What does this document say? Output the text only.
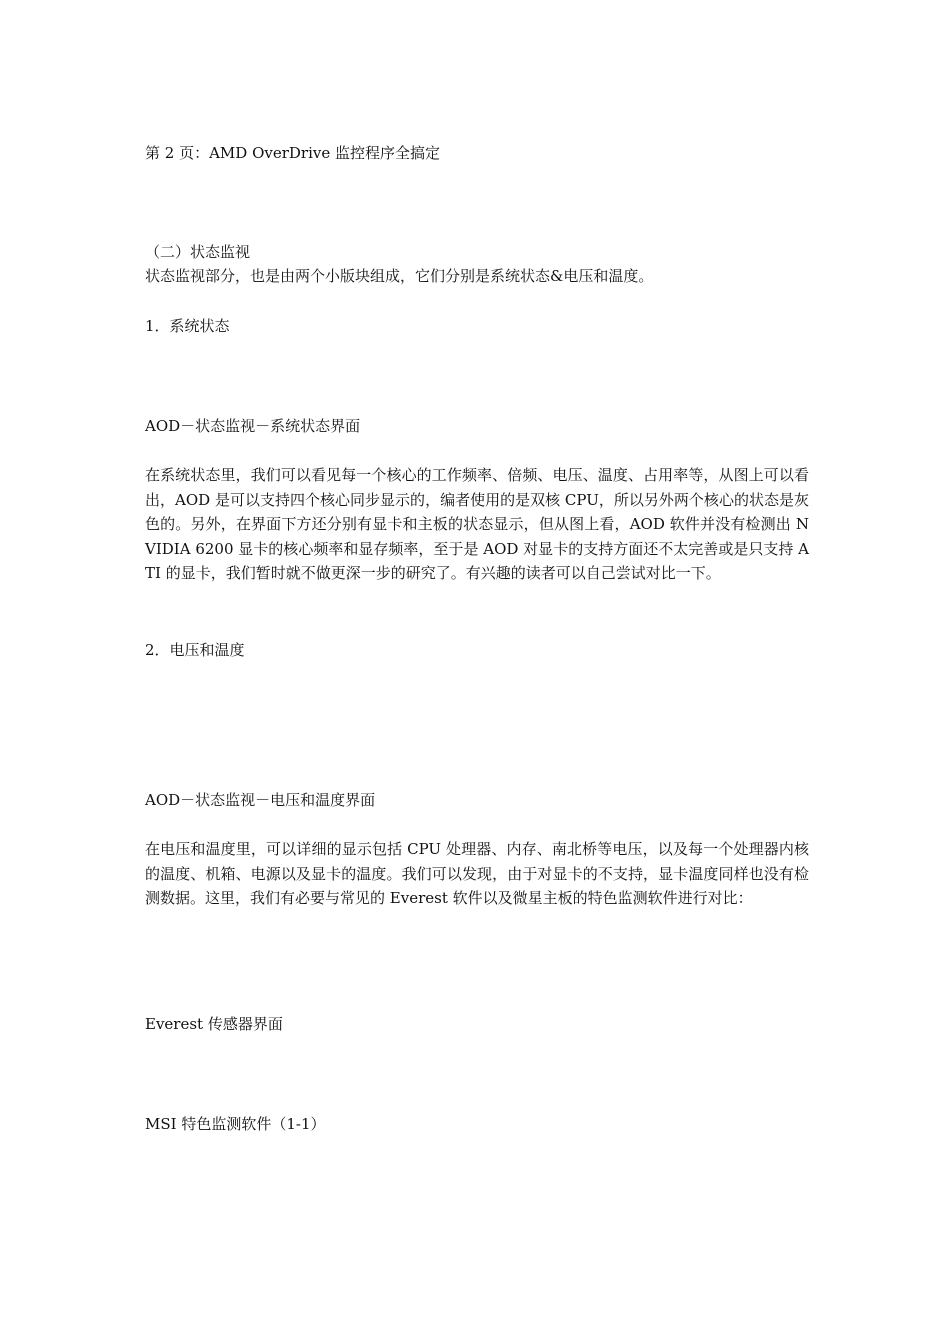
第 2 页：AMD OverDrive 监控程序全搞定
（二）状态监视
状态监视部分，也是由两个小版块组成，它们分别是系统状态&电压和温度。
1．系统状态
AOD－状态监视－系统状态界面
在系统状态里，我们可以看见每一个核心的工作频率、倍频、电压、温度、占用率等，从图上可以看出，AOD 是可以支持四个核心同步显示的，编者使用的是双核 CPU，所以另外两个核心的状态是灰色的。另外，在界面下方还分别有显卡和主板的状态显示，但从图上看，AOD 软件并没有检测出 NVIDIA 6200 显卡的核心频率和显存频率，至于是 AOD 对显卡的支持方面还不太完善或是只支持 ATI 的显卡，我们暂时就不做更深一步的研究了。有兴趣的读者可以自己尝试对比一下。
2．电压和温度
AOD－状态监视－电压和温度界面
在电压和温度里，可以详细的显示包括 CPU 处理器、内存、南北桥等电压，以及每一个处理器内核的温度、机箱、电源以及显卡的温度。我们可以发现，由于对显卡的不支持，显卡温度同样也没有检测数据。这里，我们有必要与常见的 Everest 软件以及微星主板的特色监测软件进行对比：
Everest 传感器界面
MSI 特色监测软件（1-1）
